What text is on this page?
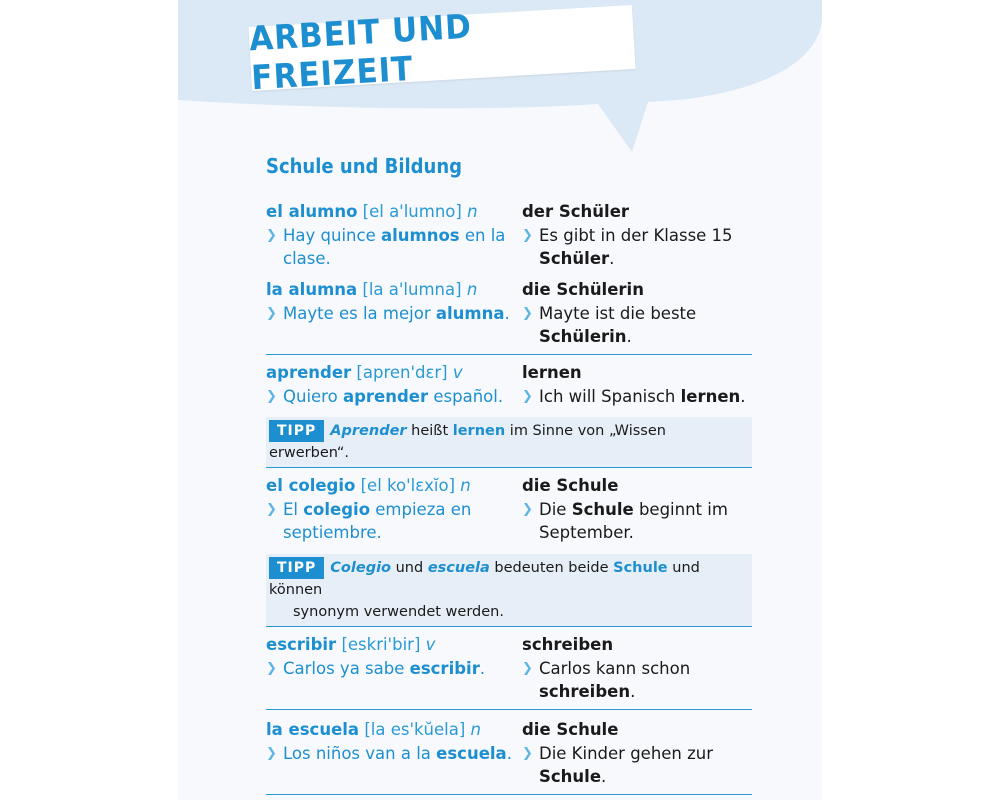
ARBEIT UND FREIZEIT
Schule und Bildung
el alumno [el a'lumno] n
❯ Hay quince alumnos en la clase.
der Schüler
❯ Es gibt in der Klasse 15 Schüler.
la alumna [la a'lumna] n
❯ Mayte es la mejor alumna.
die Schülerin
❯ Mayte ist die beste Schülerin.
aprender [apren'dɛr] v
❯ Quiero aprender español.
lernen
❯ Ich will Spanisch lernen.
TIPP Aprender heißt lernen im Sinne von „Wissen erwerben“.
el colegio [el ko'lɛxĭo] n
❯ El colegio empieza en septiembre.
die Schule
❯ Die Schule beginnt im September.
TIPP Colegio und escuela bedeuten beide Schule und können
synonym verwendet werden.
escribir [eskri'bir] v
❯ Carlos ya sabe escribir.
schreiben
❯ Carlos kann schon schreiben.
la escuela [la es'kŭela] n
❯ Los niños van a la escuela.
die Schule
❯ Die Kinder gehen zur Schule.
